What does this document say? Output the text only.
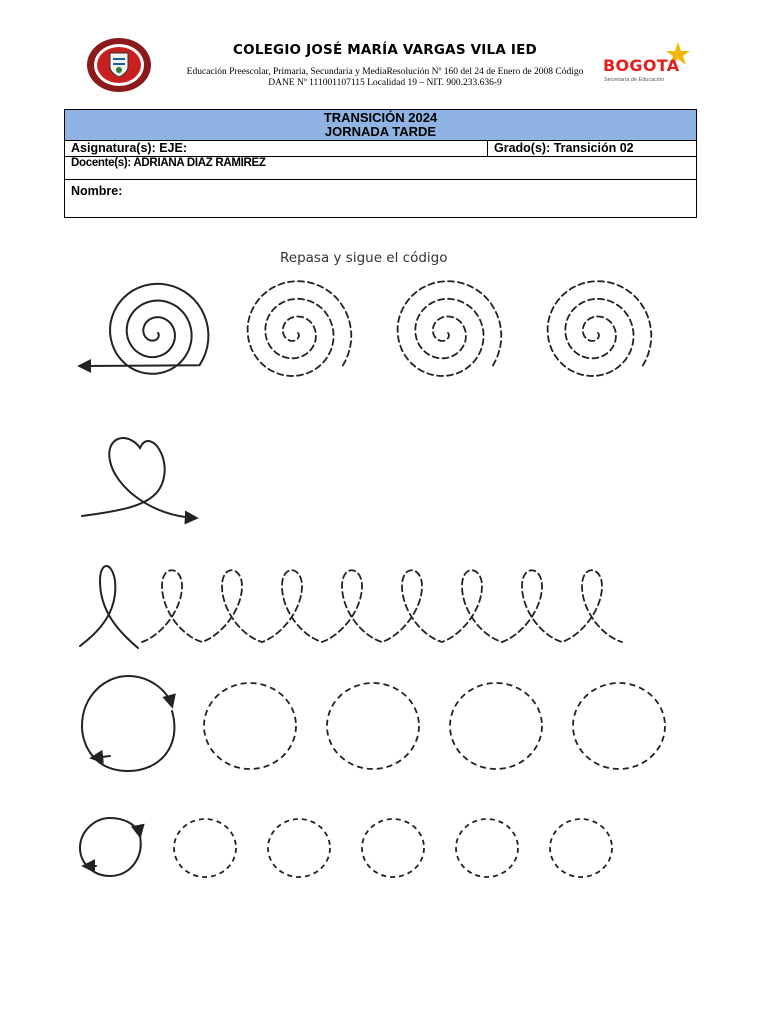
COLEGIO JOSÉ MARÍA VARGAS VILA IED
Educación Preescolar, Primaria, Secundaria y MediaResolución Nº 160 del 24 de Enero de 2008 Código
DANE Nº 111001107115 Localidad 19 – NIT. 900.233.636-9
BOGOTA
Secretaría de Educación
TRANSICIÓN 2024
JORNADA TARDE

Asignatura(s): EJE:	Grado(s): Transición 02
Docente(s): ADRIANA DIAZ RAMIREZ
Nombre:
Repasa y sigue el código
